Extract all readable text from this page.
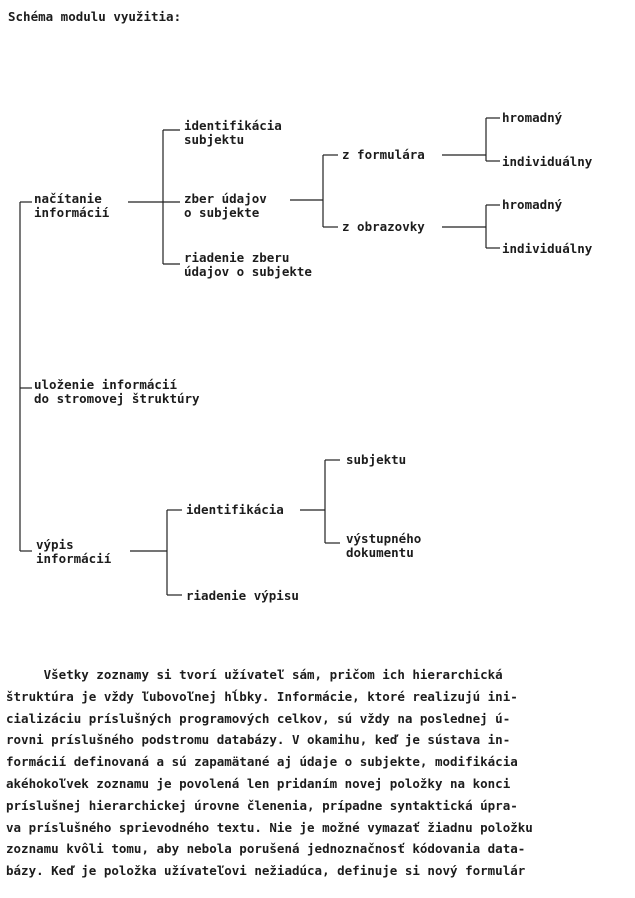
Schéma modulu využitia:
načítanie
informácií
identifikácia
subjektu
zber údajov
o subjekte
riadenie zberu
údajov o subjekte
z formulára
z obrazovky
hromadný
individuálny
hromadný
individuálny
uloženie informácií
do stromovej štruktúry
výpis
informácií
identifikácia
riadenie výpisu
subjektu
výstupného
dokumentu
Všetky zoznamy si tvorí užívateľ sám, pričom ich hierarchická
štruktúra je vždy ľubovoľnej hĺbky. Informácie, ktoré realizujú ini-
cializáciu príslušných programových celkov, sú vždy na poslednej ú-
rovni príslušného podstromu databázy. V okamihu, keď je sústava in-
formácií definovaná a sú zapamätané aj údaje o subjekte, modifikácia
akéhokoľvek zoznamu je povolená len pridaním novej položky na konci
príslušnej hierarchickej úrovne členenia, prípadne syntaktická úpra-
va príslušného sprievodného textu. Nie je možné vymazať žiadnu položku
zoznamu kvôli tomu, aby nebola porušená jednoznačnosť kódovania data-
bázy. Keď je položka užívateľovi nežiadúca, definuje si nový formulár
